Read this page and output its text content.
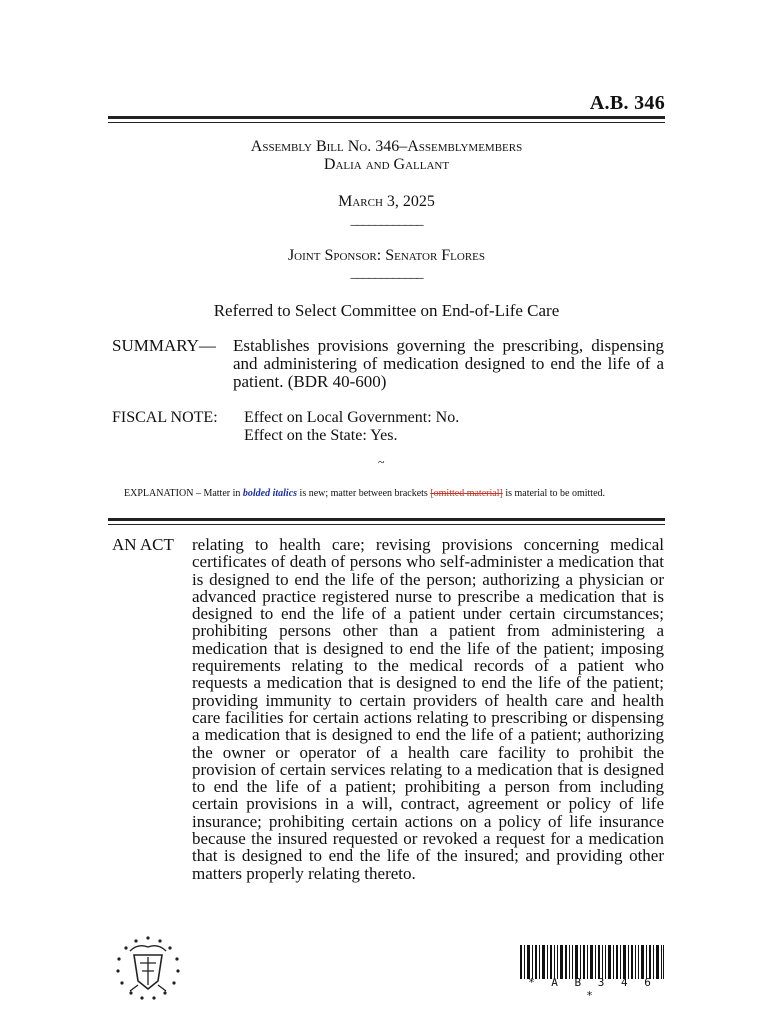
A.B. 346
Assembly Bill No. 346–Assemblymembers
Dalia and Gallant
March 3, 2025
____________
Joint Sponsor: Senator Flores
____________
Referred to Select Committee on End-of-Life Care
SUMMARY— Establishes provisions governing the prescribing, dispensing and administering of medication designed to end the life of a patient. (BDR 40-600)
FISCAL NOTE: Effect on Local Government: No.
Effect on the State: Yes.
~
EXPLANATION – Matter in bolded italics is new; matter between brackets [omitted material] is material to be omitted.
AN ACT relating to health care; revising provisions concerning medical certificates of death of persons who self-administer a medication that is designed to end the life of the person; authorizing a physician or advanced practice registered nurse to prescribe a medication that is designed to end the life of a patient under certain circumstances; prohibiting persons other than a patient from administering a medication that is designed to end the life of the patient; imposing requirements relating to the medical records of a patient who requests a medication that is designed to end the life of the patient; providing immunity to certain providers of health care and health care facilities for certain actions relating to prescribing or dispensing a medication that is designed to end the life of a patient; authorizing the owner or operator of a health care facility to prohibit the provision of certain services relating to a medication that is designed to end the life of a patient; prohibiting a person from including certain provisions in a will, contract, agreement or policy of life insurance; prohibiting certain actions on a policy of life insurance because the insured requested or revoked a request for a medication that is designed to end the life of the insured; and providing other matters properly relating thereto.
* A B 3 4 6 *
